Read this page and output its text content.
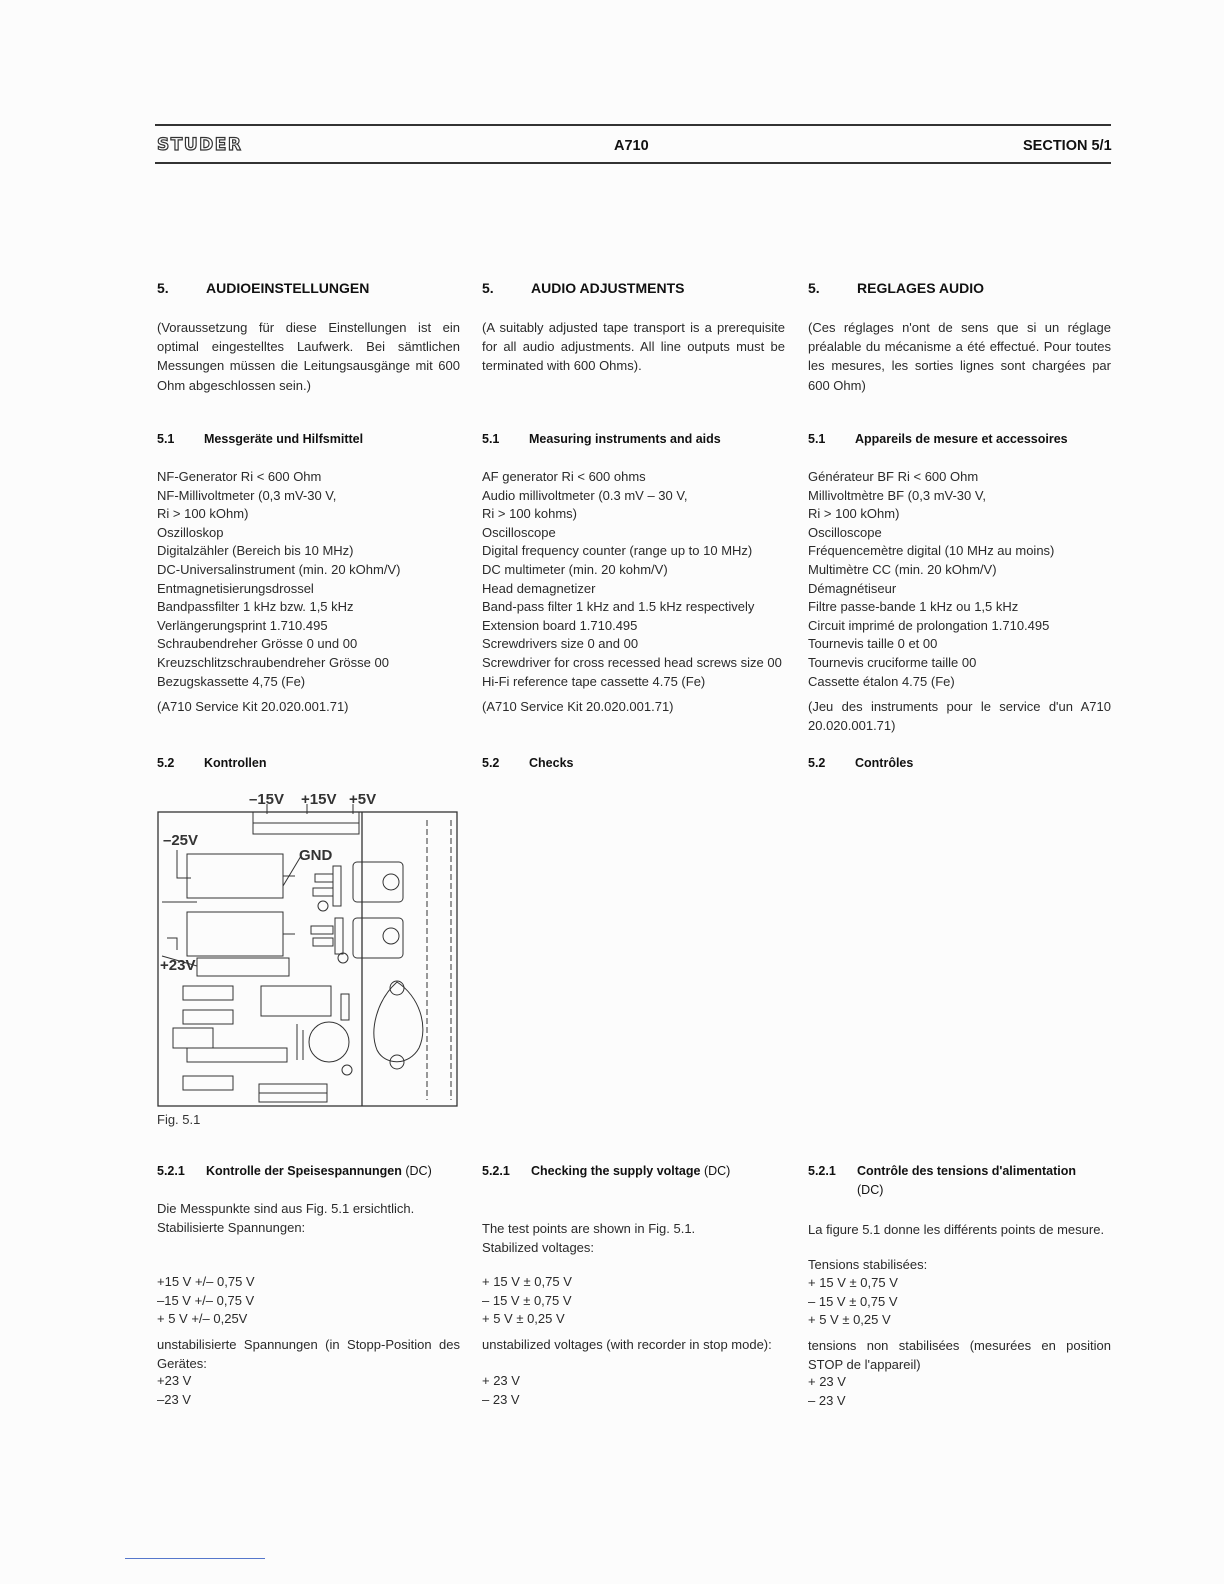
STUDER	A710	SECTION 5/1
5.	AUDIOEINSTELLUNGEN
(Voraussetzung für diese Einstellungen ist ein optimal eingestelltes Laufwerk. Bei sämtlichen Messungen müssen die Leitungsausgänge mit 600 Ohm abgeschlossen sein.)
5.1 Messgeräte und Hilfsmittel
NF-Generator Ri < 600 Ohm
NF-Millivoltmeter (0,3 mV-30 V,
Ri > 100 kOhm)
Oszilloskop
Digitalzähler (Bereich bis 10 MHz)
DC-Universalinstrument (min. 20 kOhm/V)
Entmagnetisierungsdrossel
Bandpassfilter 1 kHz bzw. 1,5 kHz
Verlängerungsprint 1.710.495
Schraubendreher Grösse 0 und 00
Kreuzschlitzschraubendreher Grösse 00
Bezugskassette 4,75 (Fe)
(A710 Service Kit 20.020.001.71)
5.2 Kontrollen
–15V +15V +5V
–25V
GND
+23V
Fig. 5.1
5.2.1 Kontrolle der Speisespannungen (DC)
Die Messpunkte sind aus Fig. 5.1 ersichtlich.
Stabilisierte Spannungen:
+15 V +/– 0,75 V
–15 V +/– 0,75 V
+ 5 V +/– 0,25V
unstabilisierte Spannungen (in Stopp-Position des Gerätes:
+23 V
–23 V
5.	AUDIO ADJUSTMENTS
(A suitably adjusted tape transport is a prerequisite for all audio adjustments. All line outputs must be terminated with 600 Ohms).
5.1 Measuring instruments and aids
AF generator Ri < 600 ohms
Audio millivoltmeter (0.3 mV – 30 V,
Ri > 100 kohms)
Oscilloscope
Digital frequency counter (range up to 10 MHz)
DC multimeter (min. 20 kohm/V)
Head demagnetizer
Band-pass filter 1 kHz and 1.5 kHz respectively
Extension board 1.710.495
Screwdrivers size 0 and 00
Screwdriver for cross recessed head screws size 00
Hi-Fi reference tape cassette 4.75 (Fe)
(A710 Service Kit 20.020.001.71)
5.2 Checks
5.2.1 Checking the supply voltage (DC)
The test points are shown in Fig. 5.1.
Stabilized voltages:
+ 15 V ± 0,75 V
– 15 V ± 0,75 V
+ 5 V ± 0,25 V
unstabilized voltages (with recorder in stop mode):
+ 23 V
– 23 V
5.	REGLAGES AUDIO
(Ces réglages n'ont de sens que si un réglage préalable du mécanisme a été effectué. Pour toutes les mesures, les sorties lignes sont chargées par 600 Ohm)
5.1 Appareils de mesure et accessoires
Générateur BF Ri < 600 Ohm
Millivoltmètre BF (0,3 mV-30 V,
Ri > 100 kOhm)
Oscilloscope
Fréquencemètre digital (10 MHz au moins)
Multimètre CC (min. 20 kOhm/V)
Démagnétiseur
Filtre passe-bande 1 kHz ou 1,5 kHz
Circuit imprimé de prolongation 1.710.495
Tournevis taille 0 et 00
Tournevis cruciforme taille 00
Cassette étalon 4.75 (Fe)
(Jeu des instruments pour le service d'un A710 20.020.001.71)
5.2 Contrôles
5.2.1 Contrôle des tensions d'alimentation
(DC)
La figure 5.1 donne les différents points de mesure.
Tensions stabilisées:
+ 15 V ± 0,75 V
– 15 V ± 0,75 V
+ 5 V ± 0,25 V
tensions non stabilisées (mesurées en position STOP de l'appareil)
+ 23 V
– 23 V
